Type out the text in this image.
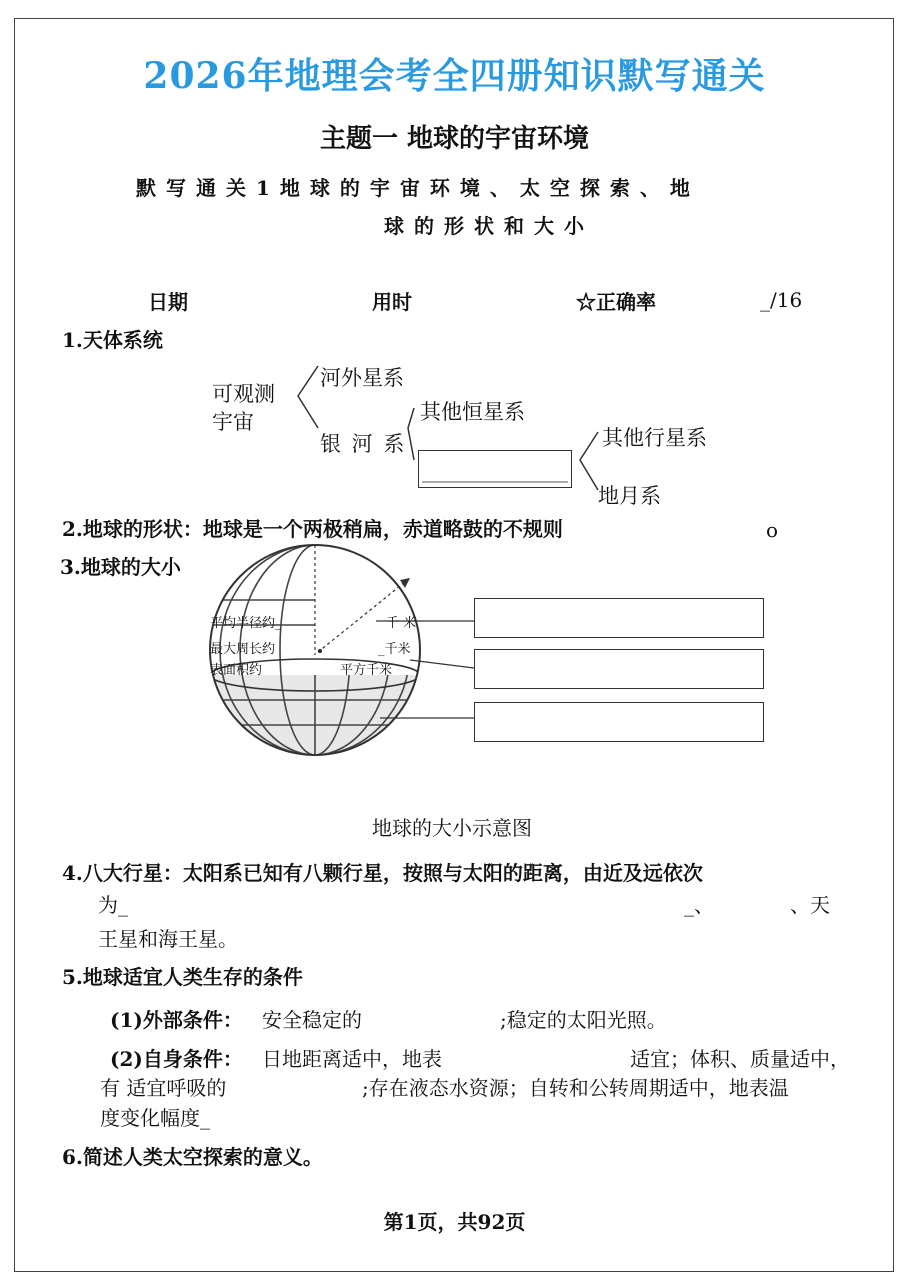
2026年地理会考全四册知识默写通关
主题一 地球的宇宙环境
默写通关1地球的宇宙环境、太空探索、地
球的形状和大小
日期	用时	☆正确率	_/16
1.天体系统
可观测
宇宙
河外星系
银 河 系
其他恒星系
其他行星系
地月系
2.地球的形状：地球是一个两极稍扁，赤道略鼓的不规则	o
3.地球的大小
平均半径约_	千 米
最大周长约	_千米
表面积约	平方千米
地球的大小示意图
4.八大行星：太阳系已知有八颗行星，按照与太阳的距离，由近及远依次
为_	_、	、天
王星和海王星。
5.地球适宜人类生存的条件
(1)外部条件： 安全稳定的	;稳定的太阳光照。
(2)自身条件： 日地距离适中，地表	适宜；体积、质量适中，
有 适宜呼吸的	;存在液态水资源；自转和公转周期适中，地表温
度变化幅度_
6.简述人类太空探索的意义。
第1页，共92页
